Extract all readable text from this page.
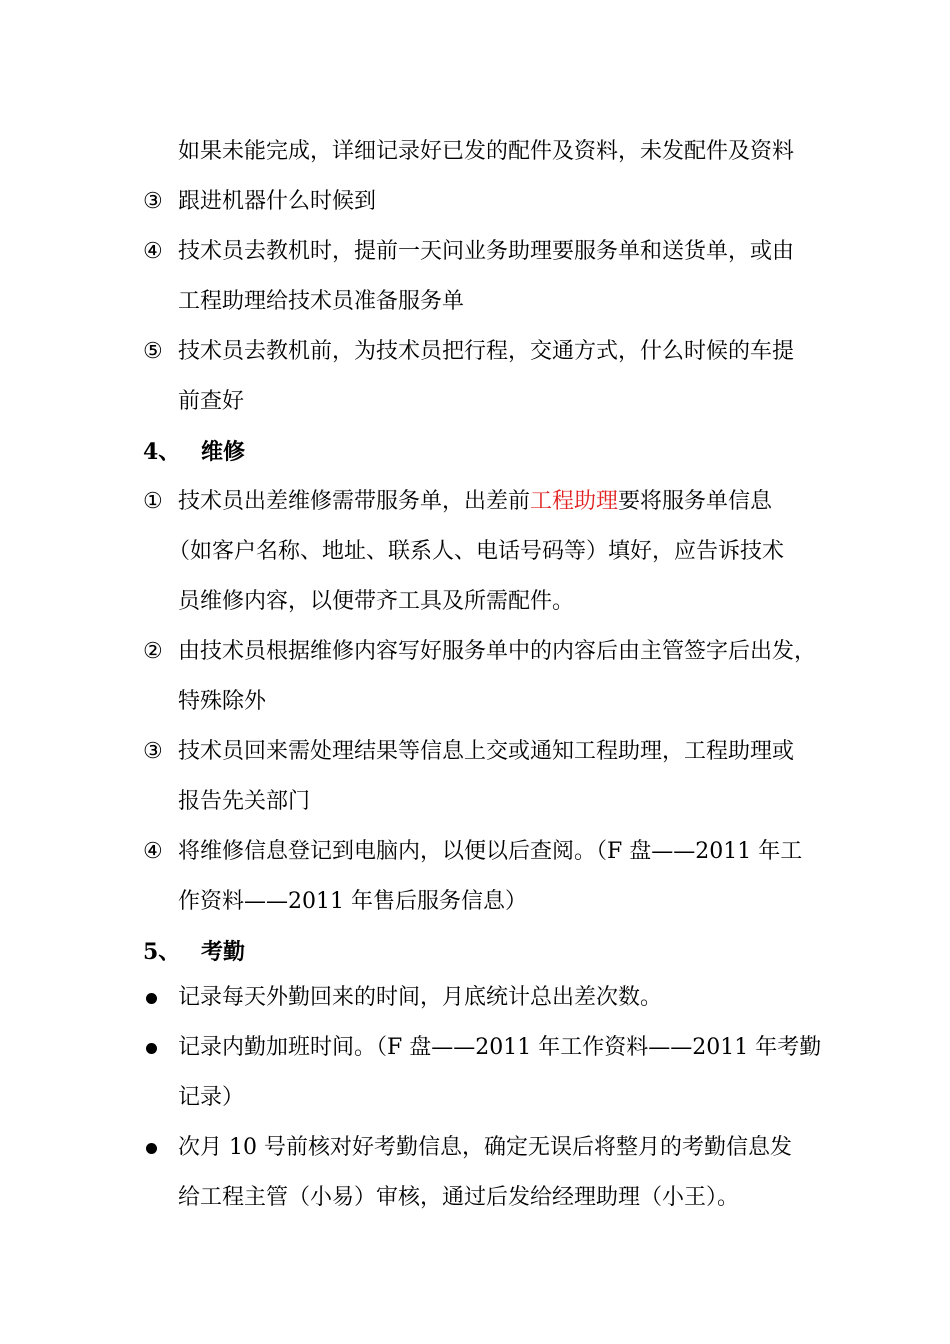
如果未能完成，详细记录好已发的配件及资料，未发配件及资料
③ 跟进机器什么时候到
④ 技术员去教机时，提前一天问业务助理要服务单和送货单，或由
工程助理给技术员准备服务单
⑤ 技术员去教机前，为技术员把行程，交通方式，什么时候的车提
前查好
4、 维修
① 技术员出差维修需带服务单，出差前工程助理要将服务单信息
（如客户名称、地址、联系人、电话号码等）填好，应告诉技术
员维修内容，以便带齐工具及所需配件。
② 由技术员根据维修内容写好服务单中的内容后由主管签字后出发，
特殊除外
③ 技术员回来需处理结果等信息上交或通知工程助理，工程助理或
报告先关部门
④ 将维修信息登记到电脑内，以便以后查阅。（F 盘——2011 年工
作资料——2011 年售后服务信息）
5、 考勤
记录每天外勤回来的时间，月底统计总出差次数。
记录内勤加班时间。（F 盘——2011 年工作资料——2011 年考勤
记录）
次月 10 号前核对好考勤信息，确定无误后将整月的考勤信息发
给工程主管（小易）审核，通过后发给经理助理（小王）。
